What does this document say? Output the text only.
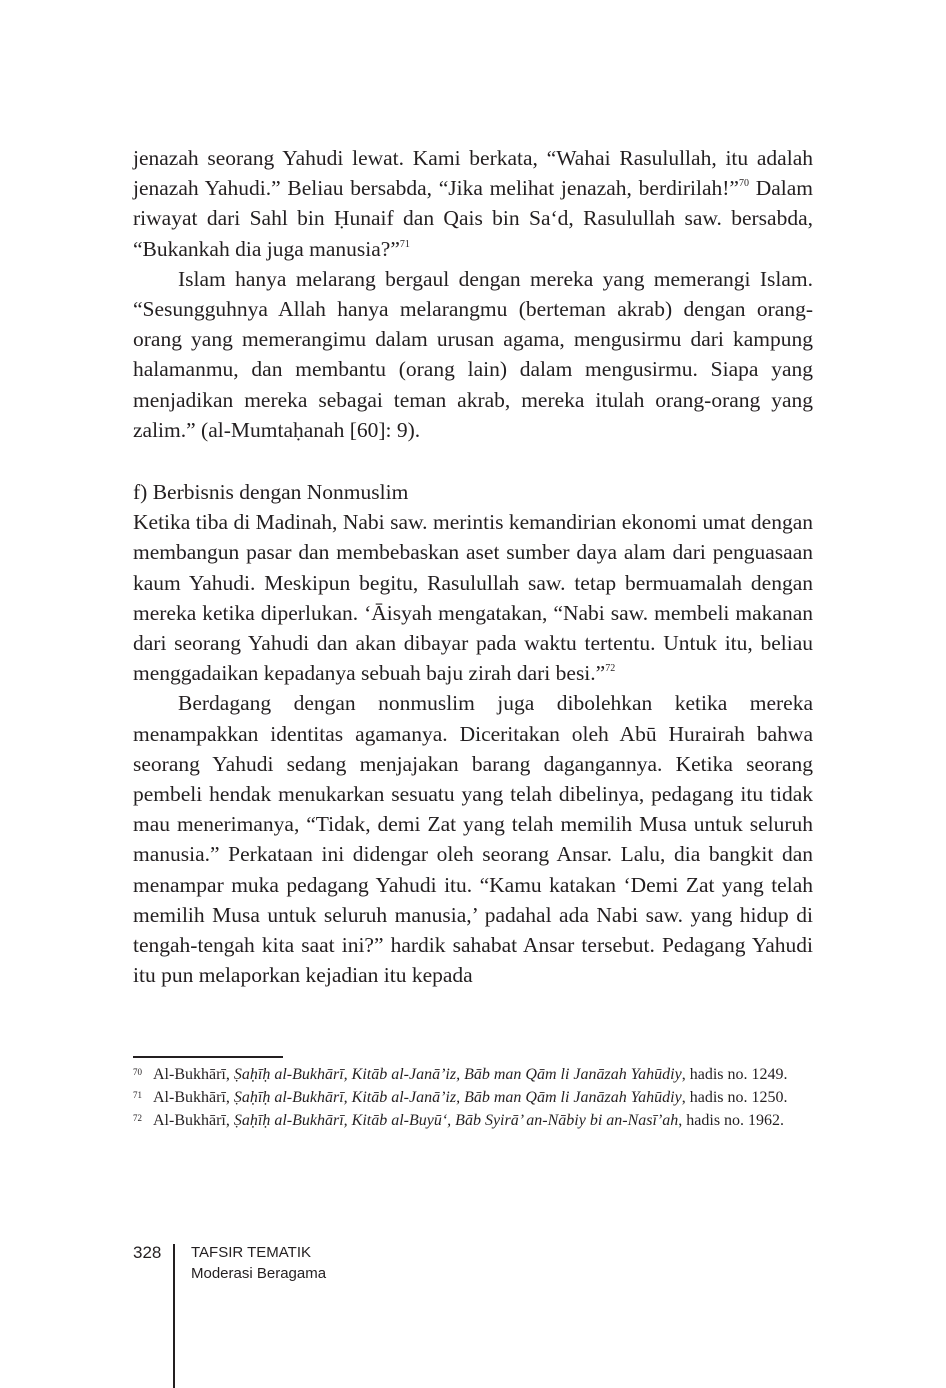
jenazah seorang Yahudi lewat. Kami berkata, “Wahai Rasulullah, itu adalah jenazah Yahudi.” Beliau bersabda, “Jika melihat jenazah, berdirilah!”$^{70}$ Dalam riwayat dari Sahl bin Ḥunaif dan Qais bin Sa‘d, Rasulullah saw. bersabda, “Bukankah dia juga manusia?”$^{71}$

Islam hanya melarang bergaul dengan mereka yang memerangi Islam. “Sesungguhnya Allah hanya melarangmu (berteman akrab) dengan orang-orang yang memerangimu dalam urusan agama, mengusirmu dari kampung halamanmu, dan membantu (orang lain) dalam mengusirmu. Siapa yang menjadikan mereka sebagai teman akrab, mereka itulah orang-orang yang zalim.” (al-Mumtaḥanah [60]: 9).

f) Berbisnis dengan Nonmuslim

Ketika tiba di Madinah, Nabi saw. merintis kemandirian ekonomi umat dengan membangun pasar dan membebaskan aset sumber daya alam dari penguasaan kaum Yahudi. Meskipun begitu, Rasulullah saw. tetap bermuamalah dengan mereka ketika diperlukan. ‘Āisyah mengatakan, “Nabi saw. membeli makanan dari seorang Yahudi dan akan dibayar pada waktu tertentu. Untuk itu, beliau menggadaikan kepadanya sebuah baju zirah dari besi.”$^{72}$

Berdagang dengan nonmuslim juga dibolehkan ketika mereka menampakkan identitas agamanya. Diceritakan oleh Abū Hurairah bahwa seorang Yahudi sedang menjajakan barang dagangannya. Ketika seorang pembeli hendak menukarkan sesuatu yang telah dibelinya, pedagang itu tidak mau menerimanya, “Tidak, demi Zat yang telah memilih Musa untuk seluruh manusia.” Perkataan ini didengar oleh seorang Ansar. Lalu, dia bangkit dan menampar muka pedagang Yahudi itu. “Kamu katakan ‘Demi Zat yang telah memilih Musa untuk seluruh manusia,’ padahal ada Nabi saw. yang hidup di tengah-tengah kita saat ini?” hardik sahabat Ansar tersebut. Pedagang Yahudi itu pun melaporkan kejadian itu kepada

70 Al-Bukhārī, Ṣaḥīḥ al-Bukhārī, Kitāb al-Janā’iz, Bāb man Qām li Janāzah Yahūdiy, hadis no. 1249.
71 Al-Bukhārī, Ṣaḥīḥ al-Bukhārī, Kitāb al-Janā’iz, Bāb man Qām li Janāzah Yahūdiy, hadis no. 1250.
72 Al-Bukhārī, Ṣaḥīḥ al-Bukhārī, Kitāb al-Buyū‘, Bāb Syirā’ an-Nābiy bi an-Nasī’ah, hadis no. 1962.
328 TAFSIR TEMATIK
Moderasi Beragama
